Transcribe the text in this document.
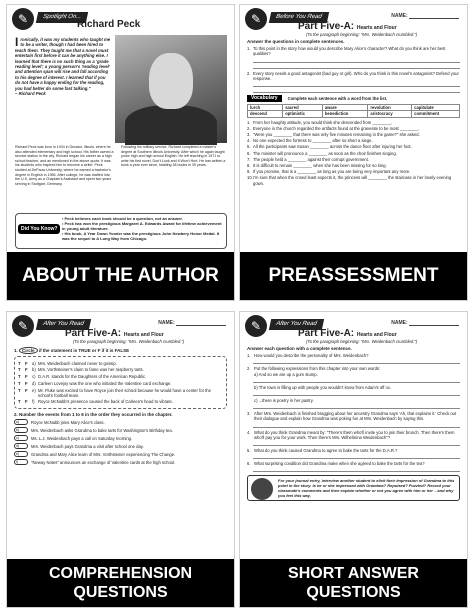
✎	Spotlight On...
Richard Peck
I ronically, it was my students who taught me to be a writer, though I had been hired to teach them. They taught me that a novel must entertain first before it can be anything else. I learned that there is no such thing as a 'grade reading level'; a young person's 'reading level' and attention span will rise and fall according to his degree of interest. I learned that if you do not have a happy ending for the reading, you had better do some fast talking."
– Richard Peck
Richard Peck was born in 1934 in Decatur, Illinois, where he also attended elementary and high school. His father owned a service station in the city. Richard began his career as a high school teacher, and as mentioned in the above quote, it was his students who inspired him to become a writer. Peck studied at DePauw University, where he earned a bachelor's degree in English in 1956. After college, he was drafted into the U.S. Army as a Chaplain's Assistant and spent two years serving in Stuttgart, Germany.
Following his military service, Richard completed a master's degree at Southern Illinois University. After which he again taught junior high and high school English. He left teaching in 1971 to write his first novel, Don't Look and It Won't Hurt. He has written a book a year ever since, totalling 38 books in 39 years.
Did You Know?
• Peck believes each book should be a question, not an answer.
• Peck has won the prestigious Margaret A. Edwards Award for lifetime achievement in young adult literature.
• His book, A Year Down Yonder was the prestigious John Newbery Honor Medal. It was the sequel to A Long Way from Chicago.
ABOUT THE AUTHOR
✎	Before You Read	NAME:
Part Five-A: Hearts and Flour
(To the paragraph beginning: "Mrs. Weidenbach crumbled.")
Answer the questions in complete sentences.
1. To this point in the story how would you describe Mary Alice's character? What do you think are her best qualities?
2. Every story needs a good antagonist (bad guy or girl). Who do you think is this novel's antagonist? Defend your response.
Vocabulary	Complete each sentence with a word from the list.
lurch	sacred	aware	revolution	capitulate
descend	optimistic	benediction	aristocracy	commitment
1. From her haughty attitude, you would think she descended from ________.
2. Everyone in the church regarded the artifacts found at the gravesite to be most ________.
3. "Were you ________ that there was only five minutes remaining in the game?" she asked.
4. No one expected the fortress to ________ after so short a siege.
5. All the participants saw Susan ________ across the dance floor after injuring her foot.
6. The minister will pronounce a ________ as soon as the choir finishes singing.
7. The people held a ________ against their corrupt government.
8. It is difficult to remain ________ when she has been missing for so long.
9. If you promise, that is a ________ as long as you are being very important any more.
10. I'm sure that when the crowd least expects it, the princess will ________ the staircase in her lovely evening gown.
PREASSESSMENT
✎	After You Read	NAME:
Part Five-A: Hearts and Flour
(To the paragraph beginning: "Mrs. Weidenbach crumbled.")
1. Circle if the statement is TRUE or F if it is FALSE
T	F	a) Mrs. Weidenbach claimed never to gossip.
T	F	b) Mrs. Vorthsteiner's claim to fame was her raspberry tarts.
T	F	c) D.A.R. stands for the Daughters of the American Republic.
T	F	d) Carleen Lovejoy was the one who initiated the Valentine card exchange.
T	F	e) Mr. Fluke was excited to have Royce join their school because he would have a center for the school's football team.
T	F	f) Royce McNabb's presence caused the back of Carleen's head to vibrate.
2. Number the events from 1 to 6 in the order they occurred in the chapter.
a)	Royce McNabb joins Mary Alice's class.
b)	Mrs. Weidenbach asks Grandma to bake tarts for Washington's Birthday tea.
c)	Ms. L.J. Weidenbach pays a call on Saturday morning.
d)	Mrs. Weidenbach pays Grandma a visit after school one day.
e)	Grandma and Mary Alice learn of Mrs. Vorthsteiner experiencing The Change.
f)	"Neway Notes" announces an exchange of Valentine cards at the high school.
COMPREHENSION
QUESTIONS
✎	After You Read	NAME:
Part Five-A: Hearts and Flour
(To the paragraph beginning: "Mrs. Weidenbach crumbled.")
Answer each question with a complete sentence.
1. How would you describe the personality of Mrs. Weidenbach?
2. Put the following expressions from this chapter into your own words:
a) And so we are up a gum stump.
b) The town is filling up with people you wouldn't know from Adam's off ox.
c) ...there is poetry in her pastry.
3. After Mrs. Weidenbach is finished bragging about her ancestry Grandma says 'Ah, that explains it.' Check out their dialogue and explain how Grandma was poking fun at Mrs. Weidenbach by saying this.
4. What do you think Grandma meant by: "There's them who'll invite you to join their brunch. Then there's them who'll pay you for your work. Then there's Mrs. Wilhelmina Weidenbach"?
5. What do you think caused Grandma to agree to bake the tarts for the D.A.R.?
6. What surprising condition did Grandma make when she agreed to bake the tarts for the tea?
For your journal entry, interview another student to elicit their impression of Grandma to this point in the story. Is he or she impressed with Grandma? Repulsed? Puzzled? Record your classmate's comments and then explain whether or not you agree with him or her – and why you feel this way.
SHORT ANSWER
QUESTIONS
